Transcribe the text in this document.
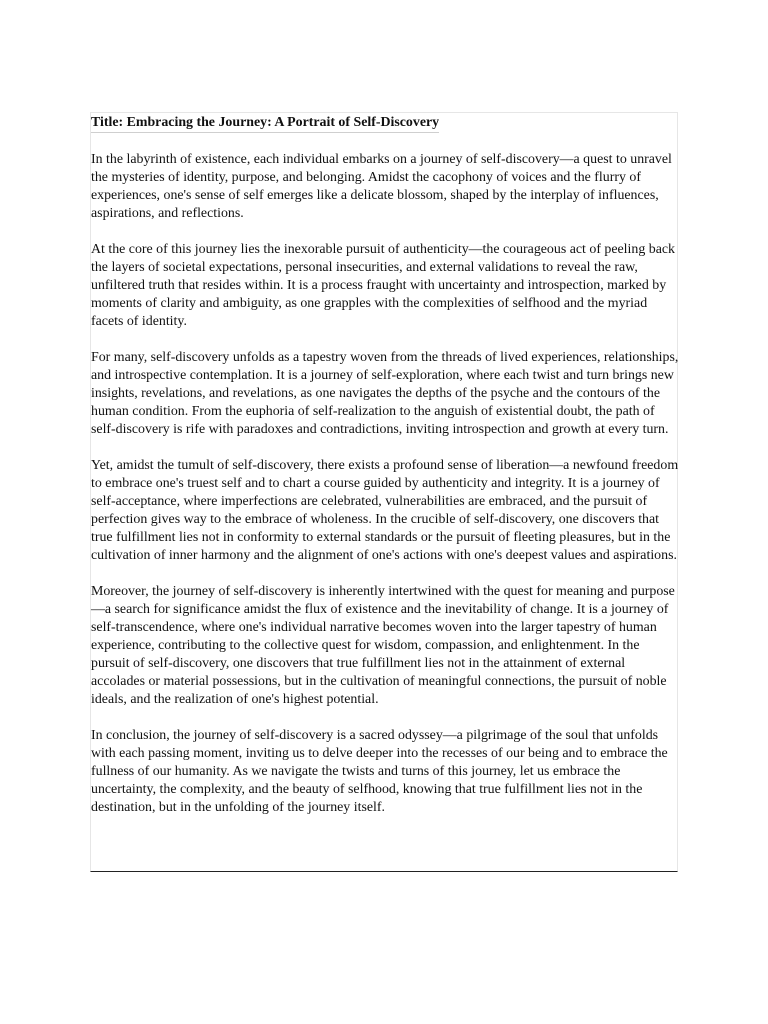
Title: Embracing the Journey: A Portrait of Self-Discovery

In the labyrinth of existence, each individual embarks on a journey of self-discovery—a quest to unravel the mysteries of identity, purpose, and belonging. Amidst the cacophony of voices and the flurry of experiences, one's sense of self emerges like a delicate blossom, shaped by the interplay of influences, aspirations, and reflections.

At the core of this journey lies the inexorable pursuit of authenticity—the courageous act of peeling back the layers of societal expectations, personal insecurities, and external validations to reveal the raw, unfiltered truth that resides within. It is a process fraught with uncertainty and introspection, marked by moments of clarity and ambiguity, as one grapples with the complexities of selfhood and the myriad facets of identity.

For many, self-discovery unfolds as a tapestry woven from the threads of lived experiences, relationships, and introspective contemplation. It is a journey of self-exploration, where each twist and turn brings new insights, revelations, and revelations, as one navigates the depths of the psyche and the contours of the human condition. From the euphoria of self-realization to the anguish of existential doubt, the path of self-discovery is rife with paradoxes and contradictions, inviting introspection and growth at every turn.

Yet, amidst the tumult of self-discovery, there exists a profound sense of liberation—a newfound freedom to embrace one's truest self and to chart a course guided by authenticity and integrity. It is a journey of self-acceptance, where imperfections are celebrated, vulnerabilities are embraced, and the pursuit of perfection gives way to the embrace of wholeness. In the crucible of self-discovery, one discovers that true fulfillment lies not in conformity to external standards or the pursuit of fleeting pleasures, but in the cultivation of inner harmony and the alignment of one's actions with one's deepest values and aspirations.

Moreover, the journey of self-discovery is inherently intertwined with the quest for meaning and purpose—a search for significance amidst the flux of existence and the inevitability of change. It is a journey of self-transcendence, where one's individual narrative becomes woven into the larger tapestry of human experience, contributing to the collective quest for wisdom, compassion, and enlightenment. In the pursuit of self-discovery, one discovers that true fulfillment lies not in the attainment of external accolades or material possessions, but in the cultivation of meaningful connections, the pursuit of noble ideals, and the realization of one's highest potential.

In conclusion, the journey of self-discovery is a sacred odyssey—a pilgrimage of the soul that unfolds with each passing moment, inviting us to delve deeper into the recesses of our being and to embrace the fullness of our humanity. As we navigate the twists and turns of this journey, let us embrace the uncertainty, the complexity, and the beauty of selfhood, knowing that true fulfillment lies not in the destination, but in the unfolding of the journey itself.
